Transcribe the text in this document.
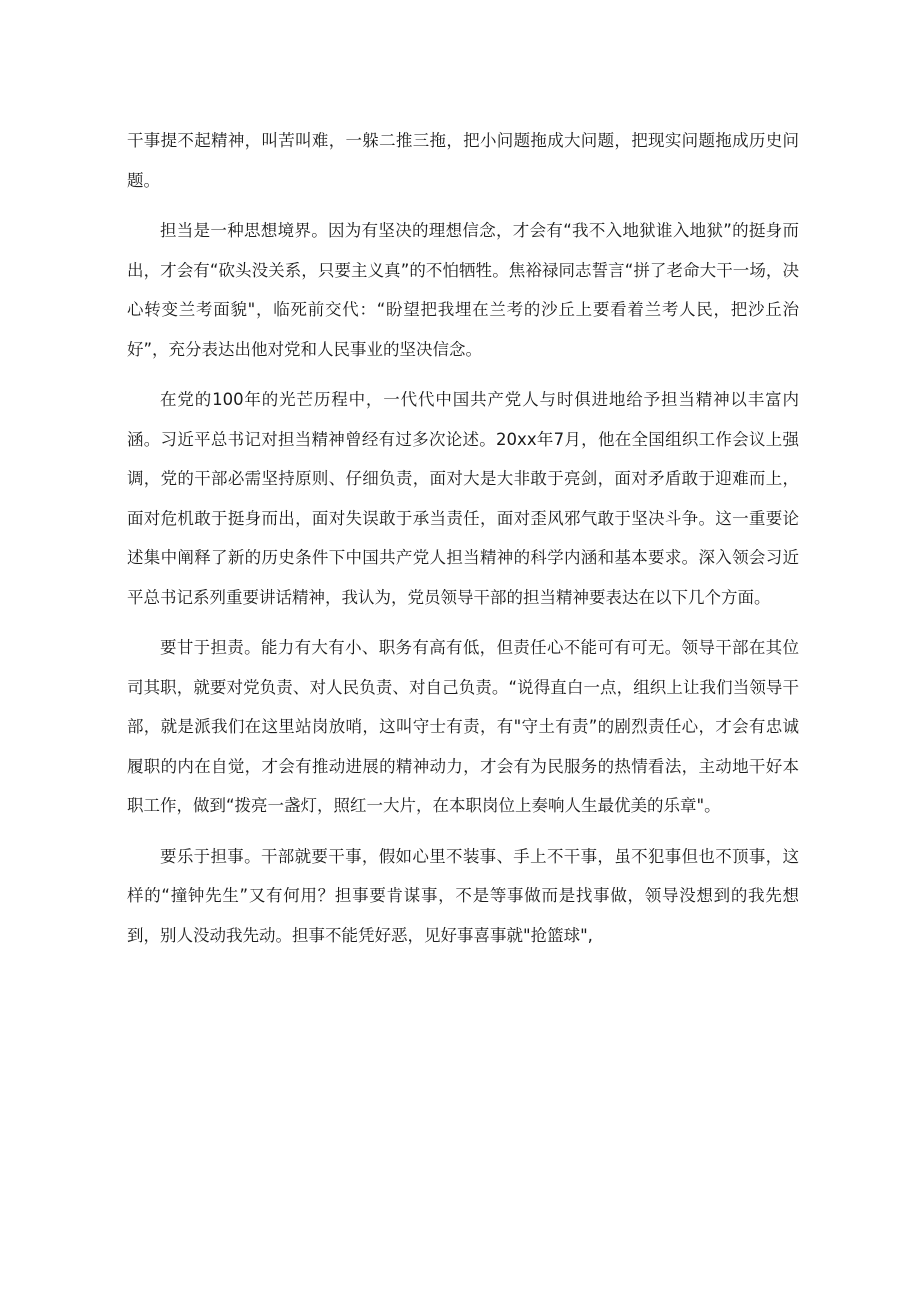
干事提不起精神，叫苦叫难，一躲二推三拖，把小问题拖成大问题，把现实问题拖成历史问题。

担当是一种思想境界。因为有坚决的理想信念，才会有“我不入地狱谁入地狱”的挺身而出，才会有“砍头没关系，只要主义真”的不怕牺牲。焦裕禄同志誓言“拼了老命大干一场，决心转变兰考面貌"，临死前交代：“盼望把我埋在兰考的沙丘上要看着兰考人民，把沙丘治好”，充分表达出他对党和人民事业的坚决信念。

在党的100年的光芒历程中，一代代中国共产党人与时俱进地给予担当精神以丰富内涵。习近平总书记对担当精神曾经有过多次论述。20xx年7月，他在全国组织工作会议上强调，党的干部必需坚持原则、仔细负责，面对大是大非敢于亮剑，面对矛盾敢于迎难而上，面对危机敢于挺身而出，面对失误敢于承当责任，面对歪风邪气敢于坚决斗争。这一重要论述集中阐释了新的历史条件下中国共产党人担当精神的科学内涵和基本要求。深入领会习近平总书记系列重要讲话精神，我认为，党员领导干部的担当精神要表达在以下几个方面。

要甘于担责。能力有大有小、职务有高有低，但责任心不能可有可无。领导干部在其位司其职，就要对党负责、对人民负责、对自己负责。“说得直白一点，组织上让我们当领导干部，就是派我们在这里站岗放哨，这叫守士有责，有"守土有责”的剧烈责任心，才会有忠诚履职的内在自觉，才会有推动进展的精神动力，才会有为民服务的热情看法，主动地干好本职工作，做到“拨亮一盏灯，照红一大片，在本职岗位上奏响人生最优美的乐章"。

要乐于担事。干部就要干事，假如心里不装事、手上不干事，虽不犯事但也不顶事，这样的“撞钟先生”又有何用？担事要肯谋事，不是等事做而是找事做，领导没想到的我先想到，别人没动我先动。担事不能凭好恶，见好事喜事就"抢篮球",
